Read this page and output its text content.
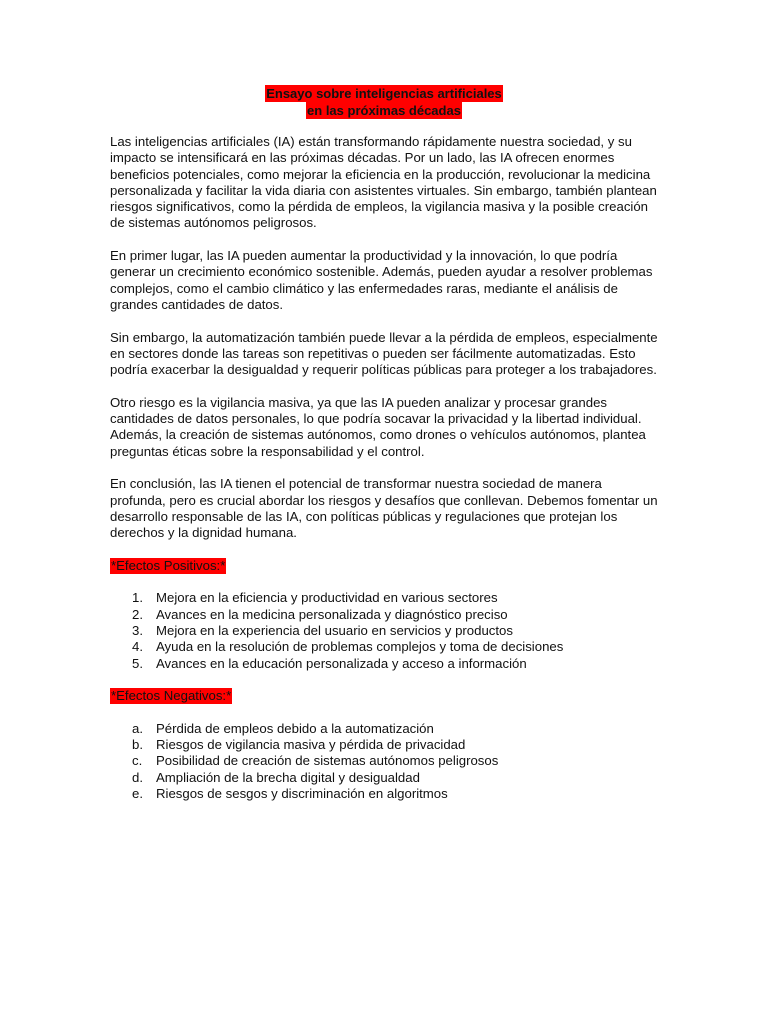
Ensayo sobre inteligencias artificiales
en las próximas décadas

Las inteligencias artificiales (IA) están transformando rápidamente nuestra sociedad, y su impacto se intensificará en las próximas décadas. Por un lado, las IA ofrecen enormes beneficios potenciales, como mejorar la eficiencia en la producción, revolucionar la medicina personalizada y facilitar la vida diaria con asistentes virtuales. Sin embargo, también plantean riesgos significativos, como la pérdida de empleos, la vigilancia masiva y la posible creación de sistemas autónomos peligrosos.

En primer lugar, las IA pueden aumentar la productividad y la innovación, lo que podría generar un crecimiento económico sostenible. Además, pueden ayudar a resolver problemas complejos, como el cambio climático y las enfermedades raras, mediante el análisis de grandes cantidades de datos.

Sin embargo, la automatización también puede llevar a la pérdida de empleos, especialmente en sectores donde las tareas son repetitivas o pueden ser fácilmente automatizadas. Esto podría exacerbar la desigualdad y requerir políticas públicas para proteger a los trabajadores.

Otro riesgo es la vigilancia masiva, ya que las IA pueden analizar y procesar grandes cantidades de datos personales, lo que podría socavar la privacidad y la libertad individual. Además, la creación de sistemas autónomos, como drones o vehículos autónomos, plantea preguntas éticas sobre la responsabilidad y el control.

En conclusión, las IA tienen el potencial de transformar nuestra sociedad de manera profunda, pero es crucial abordar los riesgos y desafíos que conllevan. Debemos fomentar un desarrollo responsable de las IA, con políticas públicas y regulaciones que protejan los derechos y la dignidad humana.

*Efectos Positivos:*
1. Mejora en la eficiencia y productividad en various sectores
2. Avances en la medicina personalizada y diagnóstico preciso
3. Mejora en la experiencia del usuario en servicios y productos
4. Ayuda en la resolución de problemas complejos y toma de decisiones
5. Avances en la educación personalizada y acceso a información
*Efectos Negativos:*
a. Pérdida de empleos debido a la automatización
b. Riesgos de vigilancia masiva y pérdida de privacidad
c. Posibilidad de creación de sistemas autónomos peligrosos
d. Ampliación de la brecha digital y desigualdad
e. Riesgos de sesgos y discriminación en algoritmos
